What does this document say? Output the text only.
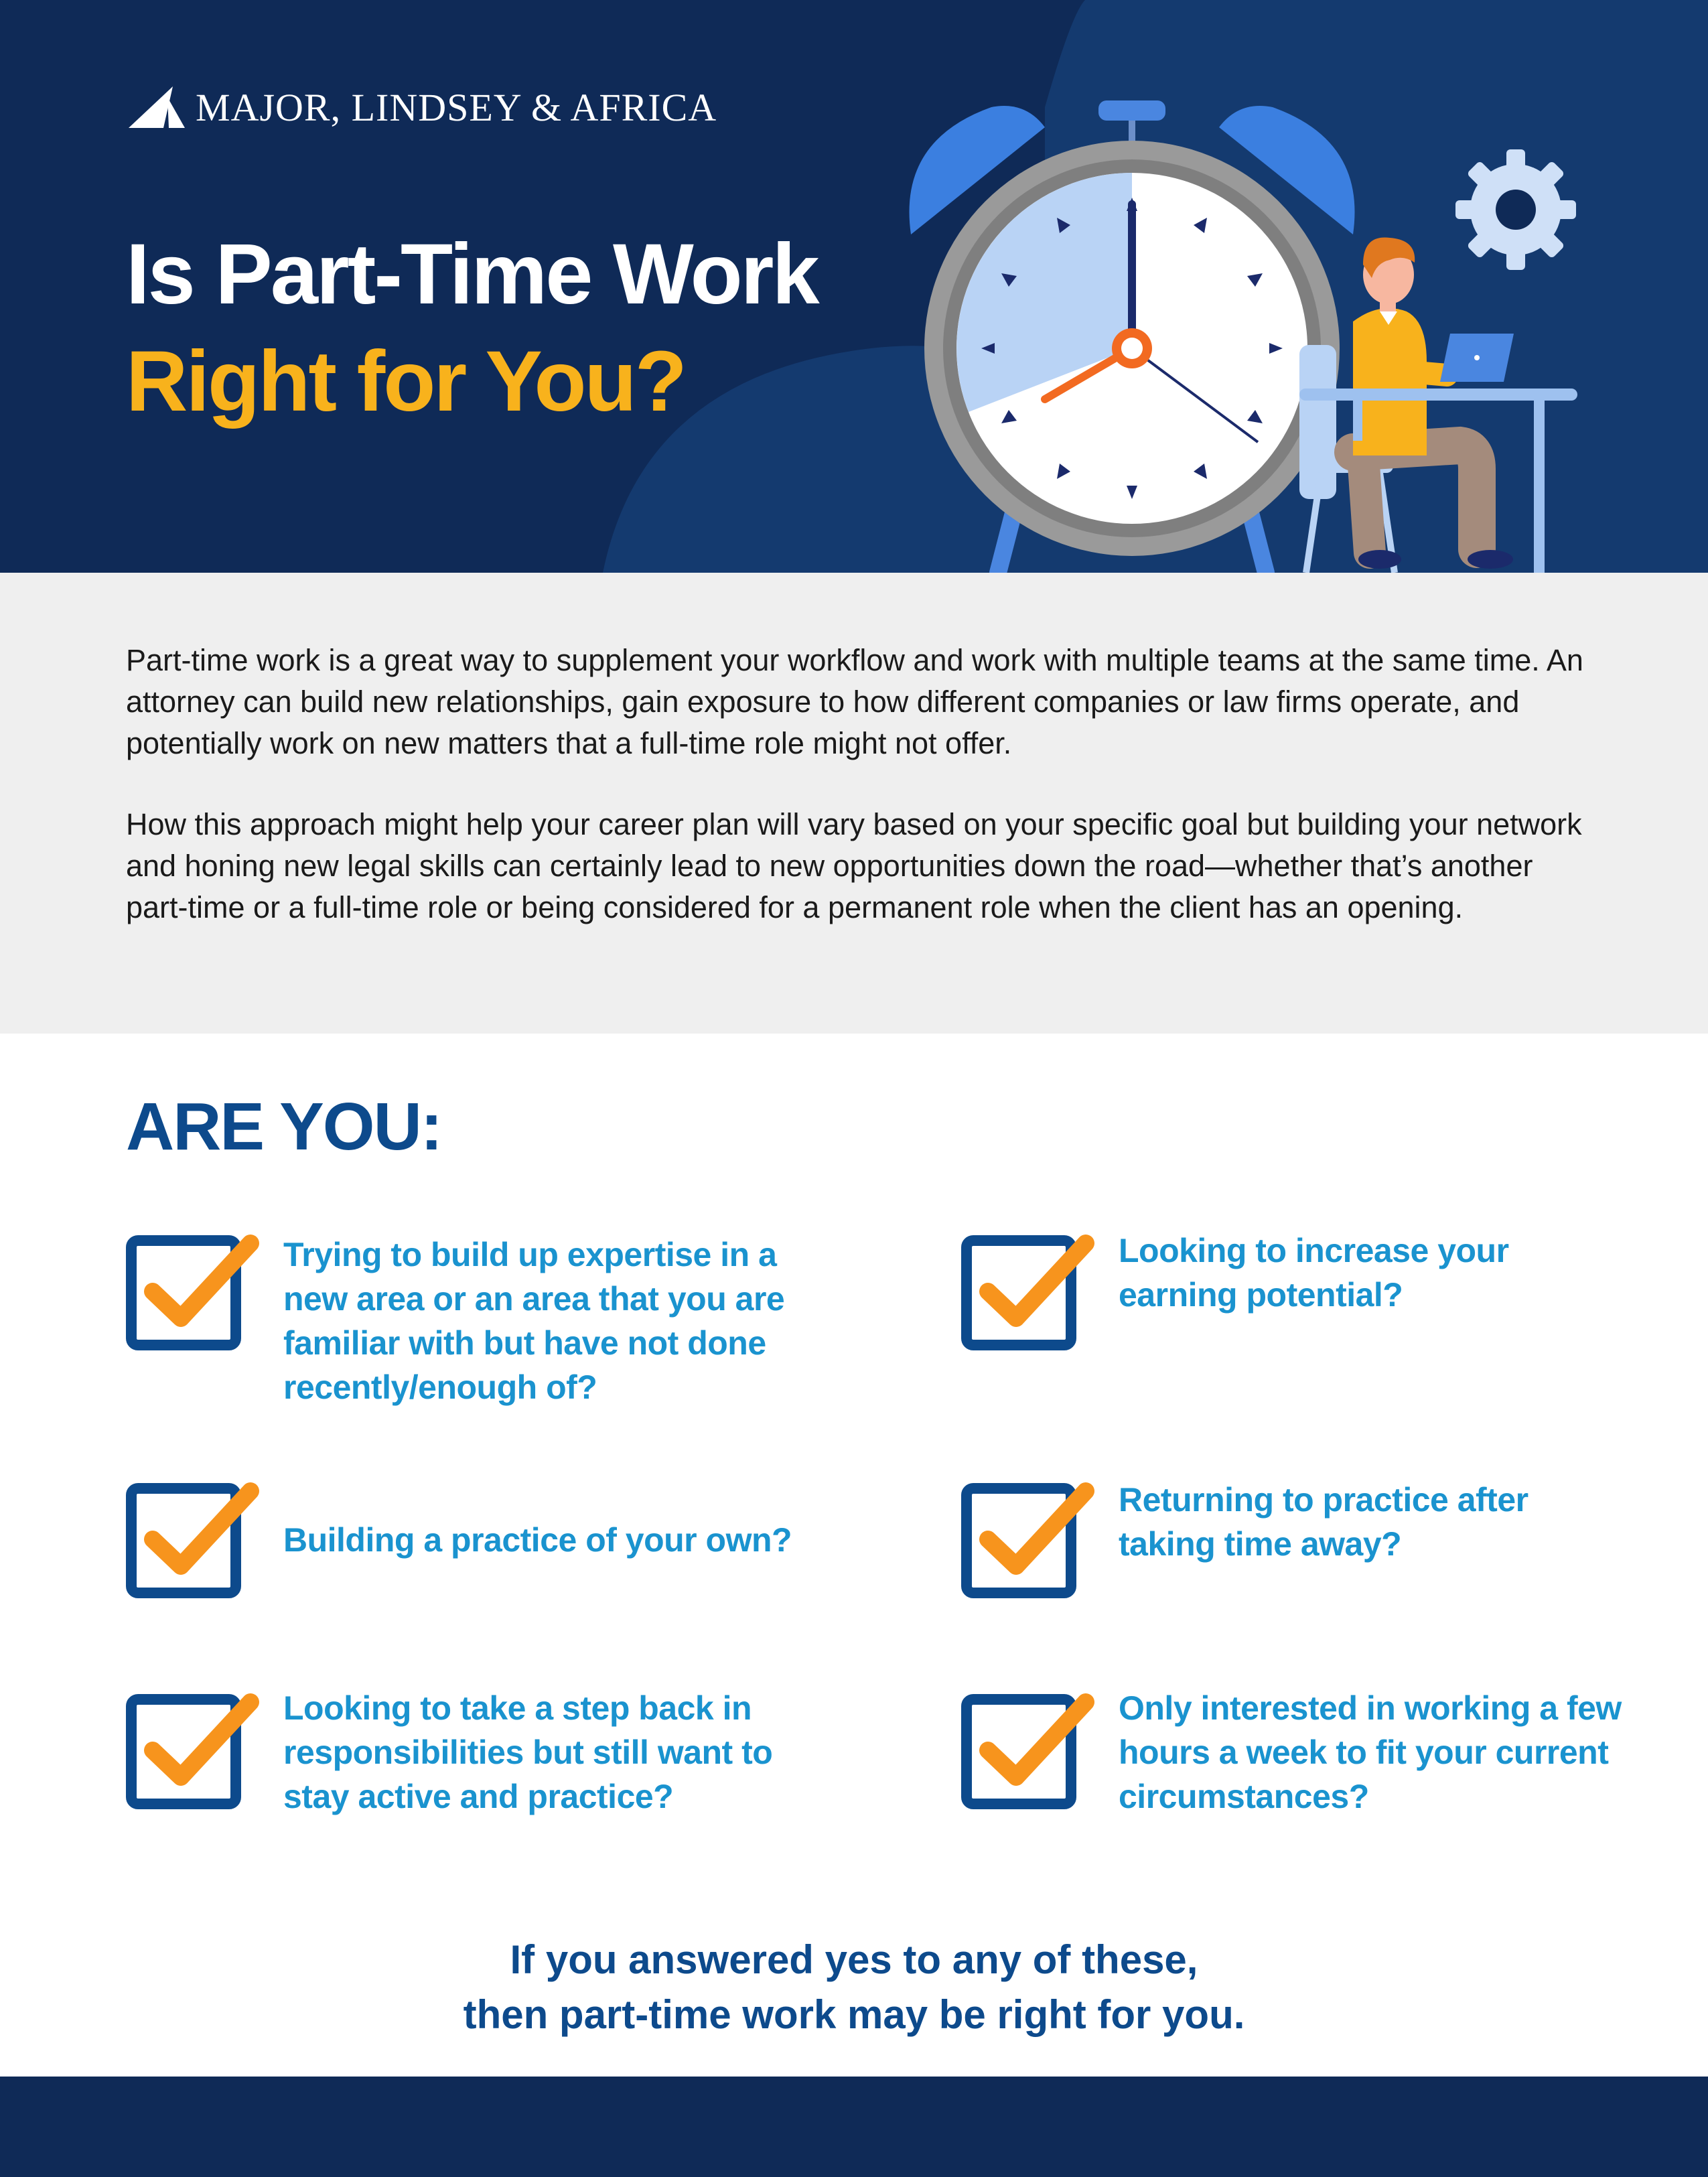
MAJOR, LINDSEY & AFRICA
Is Part-Time Work
Right for You?

Part-time work is a great way to supplement your workflow and work with multiple teams at the same time. An attorney can build new relationships, gain exposure to how different companies or law firms operate, and potentially work on new matters that a full-time role might not offer.

How this approach might help your career plan will vary based on your specific goal but building your network and honing new legal skills can certainly lead to new opportunities down the road—whether that’s another part-time or a full-time role or being considered for a permanent role when the client has an opening.

ARE YOU:
Trying to build up expertise in a new area or an area that you are familiar with but have not done recently/enough of?
Looking to increase your earning potential?
Building a practice of your own?
Returning to practice after taking time away?
Looking to take a step back in responsibilities but still want to stay active and practice?
Only interested in working a few hours a week to fit your current circumstances?
If you answered yes to any of these,
then part-time work may be right for you.
